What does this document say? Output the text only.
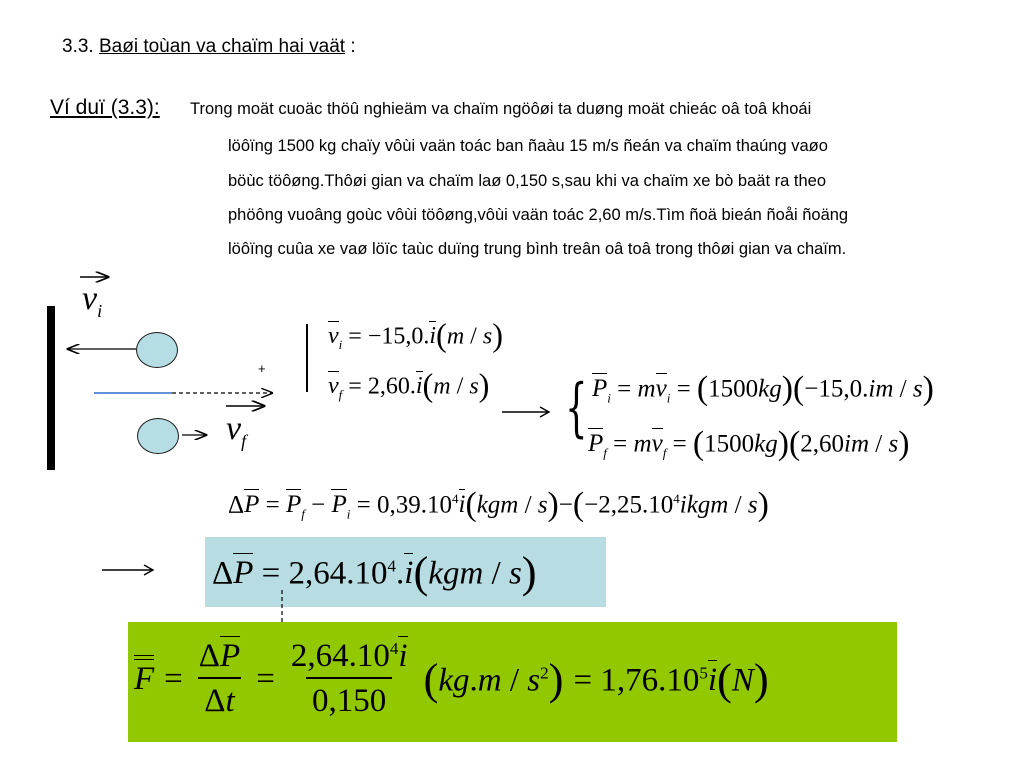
3.3. Baøi toùan va chaïm hai vaät :
Ví duï (3.3): Trong moät cuoäc thöû nghieäm va chaïm ngöôøi ta duøng moät chieác oâ toâ khoái
löôïng 1500 kg chaïy vôùi vaän toác ban ñaàu 15 m/s ñeán va chaïm thaúng vaøo
böùc töôøng.Thôøi gian va chaïm laø 0,150 s,sau khi va chaïm xe bò baät ra theo
phöông vuoâng goùc vôùi töôøng,vôùi vaän toác 2,60 m/s.Tìm ñoä bieán ñoåi ñoäng
löôïng cuûa xe vaø löïc taùc duïng trung bình treân oâ toâ trong thôøi gian va chaïm.
$v_i$
$v_f$
+
v
$_i$ = −15,0.i
(m / s)
v
$_f$ = 2,60.i
(m / s) { P
$_i$ = mv
$_i$ = (1500kg)(−15,0.im / s)
P
$_f$ = mv
$_f$ = (1500kg)(2,60im / s)
ΔP
= P
$_f$ − P
$_i = 0,39.10^4i$
$(kgm / s)-(-2,25.10^4ikgm / s)$
ΔP
= $2,64.10^4.i$
(kgm / s)
$F = \frac{\Delta P}{\Delta t} = \frac{2,64.10^4i}{0,150} (kg.m / s^2) = 1,76.10^5i$
(N)
